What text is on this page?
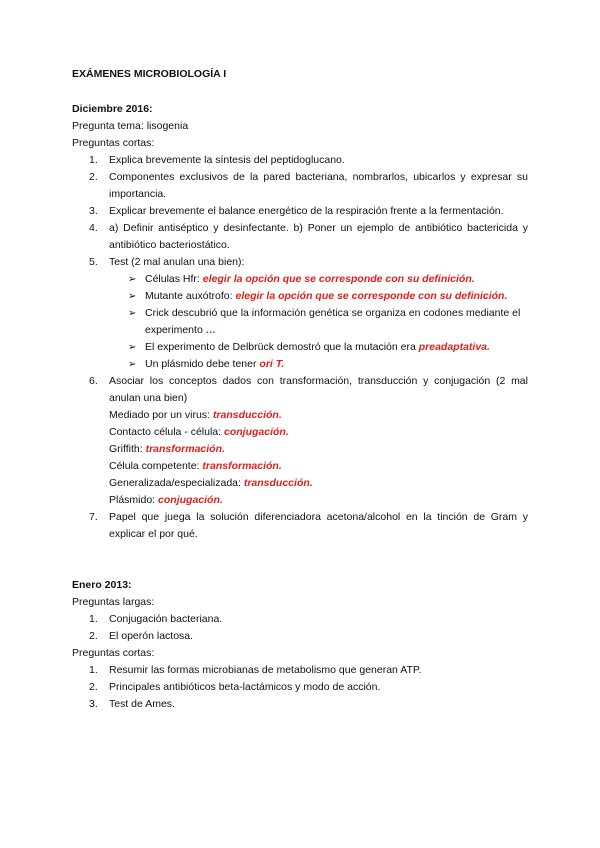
EXÁMENES MICROBIOLOGÍA I
Diciembre 2016:
Pregunta tema: lisogenia
Preguntas cortas:
1. Explica brevemente la síntesis del peptidoglucano.
2. Componentes exclusivos de la pared bacteriana, nombrarlos, ubicarlos y expresar su importancia.
3. Explicar brevemente el balance energético de la respiración frente a la fermentación.
4. a) Definir antiséptico y desinfectante. b) Poner un ejemplo de antibiótico bactericida y antibiótico bacteriostático.
5. Test (2 mal anulan una bien):
➢ Células Hfr: elegir la opción que se corresponde con su definición.
➢ Mutante auxótrofo: elegir la opción que se corresponde con su definición.
➢ Crick descubrió que la información genética se organiza en codones mediante el experimento …
➢ El experimento de Delbrück demostró que la mutación era preadaptativa.
➢ Un plásmido debe tener ori T.
6. Asociar los conceptos dados con transformación, transducción y conjugación (2 mal anulan una bien)
Mediado por un virus: transducción.
Contacto célula - célula: conjugación.
Griffith: transformación.
Célula competente: transformación.
Generalizada/especializada: transducción.
Plásmido: conjugación.
7. Papel que juega la solución diferenciadora acetona/alcohol en la tinción de Gram y explicar el por qué.
Enero 2013:
Preguntas largas:
1. Conjugación bacteriana.
2. El operón lactosa.
Preguntas cortas:
1. Resumir las formas microbianas de metabolismo que generan ATP.
2. Principales antibióticos beta-lactámicos y modo de acción.
3. Test de Ames.
